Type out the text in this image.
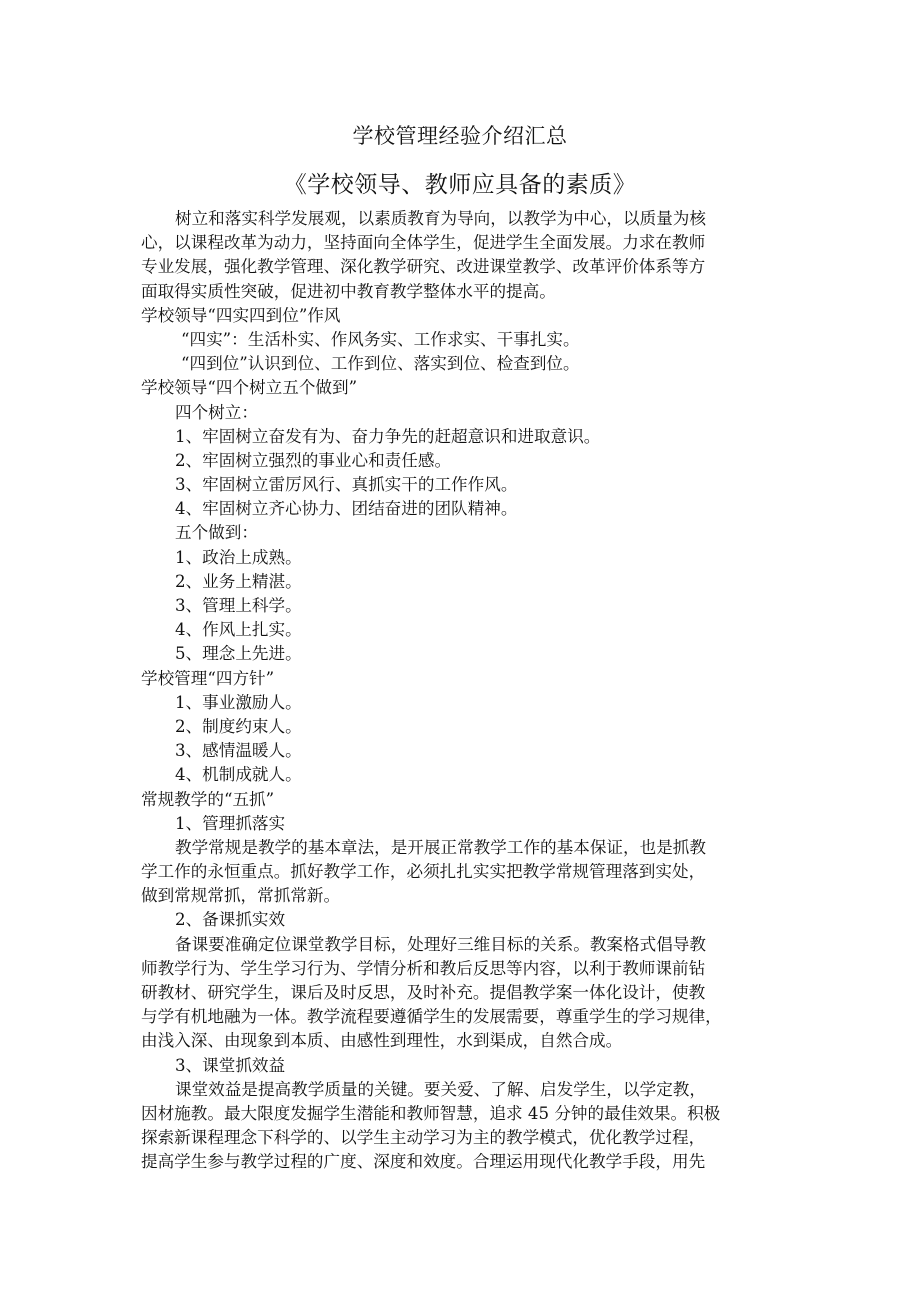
学校管理经验介绍汇总
《学校领导、教师应具备的素质》
树立和落实科学发展观，以素质教育为导向，以教学为中心，以质量为核
心，以课程改革为动力，坚持面向全体学生，促进学生全面发展。力求在教师
专业发展，强化教学管理、深化教学研究、改进课堂教学、改革评价体系等方
面取得实质性突破，促进初中教育教学整体水平的提高。
学校领导“四实四到位”作风
“四实”：生活朴实、作风务实、工作求实、干事扎实。
“四到位”认识到位、工作到位、落实到位、检查到位。
学校领导“四个树立五个做到”
四个树立：
1、牢固树立奋发有为、奋力争先的赶超意识和进取意识。
2、牢固树立强烈的事业心和责任感。
3、牢固树立雷厉风行、真抓实干的工作作风。
4、牢固树立齐心协力、团结奋进的团队精神。
五个做到：
1、政治上成熟。
2、业务上精湛。
3、管理上科学。
4、作风上扎实。
5、理念上先进。
学校管理“四方针”
1、事业激励人。
2、制度约束人。
3、感情温暖人。
4、机制成就人。
常规教学的“五抓”
1、管理抓落实
教学常规是教学的基本章法，是开展正常教学工作的基本保证，也是抓教
学工作的永恒重点。抓好教学工作，必须扎扎实实把教学常规管理落到实处，
做到常规常抓，常抓常新。
2、备课抓实效
备课要准确定位课堂教学目标，处理好三维目标的关系。教案格式倡导教
师教学行为、学生学习行为、学情分析和教后反思等内容，以利于教师课前钻
研教材、研究学生，课后及时反思，及时补充。提倡教学案一体化设计，使教
与学有机地融为一体。教学流程要遵循学生的发展需要，尊重学生的学习规律，
由浅入深、由现象到本质、由感性到理性，水到渠成，自然合成。
3、课堂抓效益
课堂效益是提高教学质量的关键。要关爱、了解、启发学生，以学定教，
因材施教。最大限度发掘学生潜能和教师智慧，追求 45 分钟的最佳效果。积极
探索新课程理念下科学的、以学生主动学习为主的教学模式，优化教学过程，
提高学生参与教学过程的广度、深度和效度。合理运用现代化教学手段，用先
